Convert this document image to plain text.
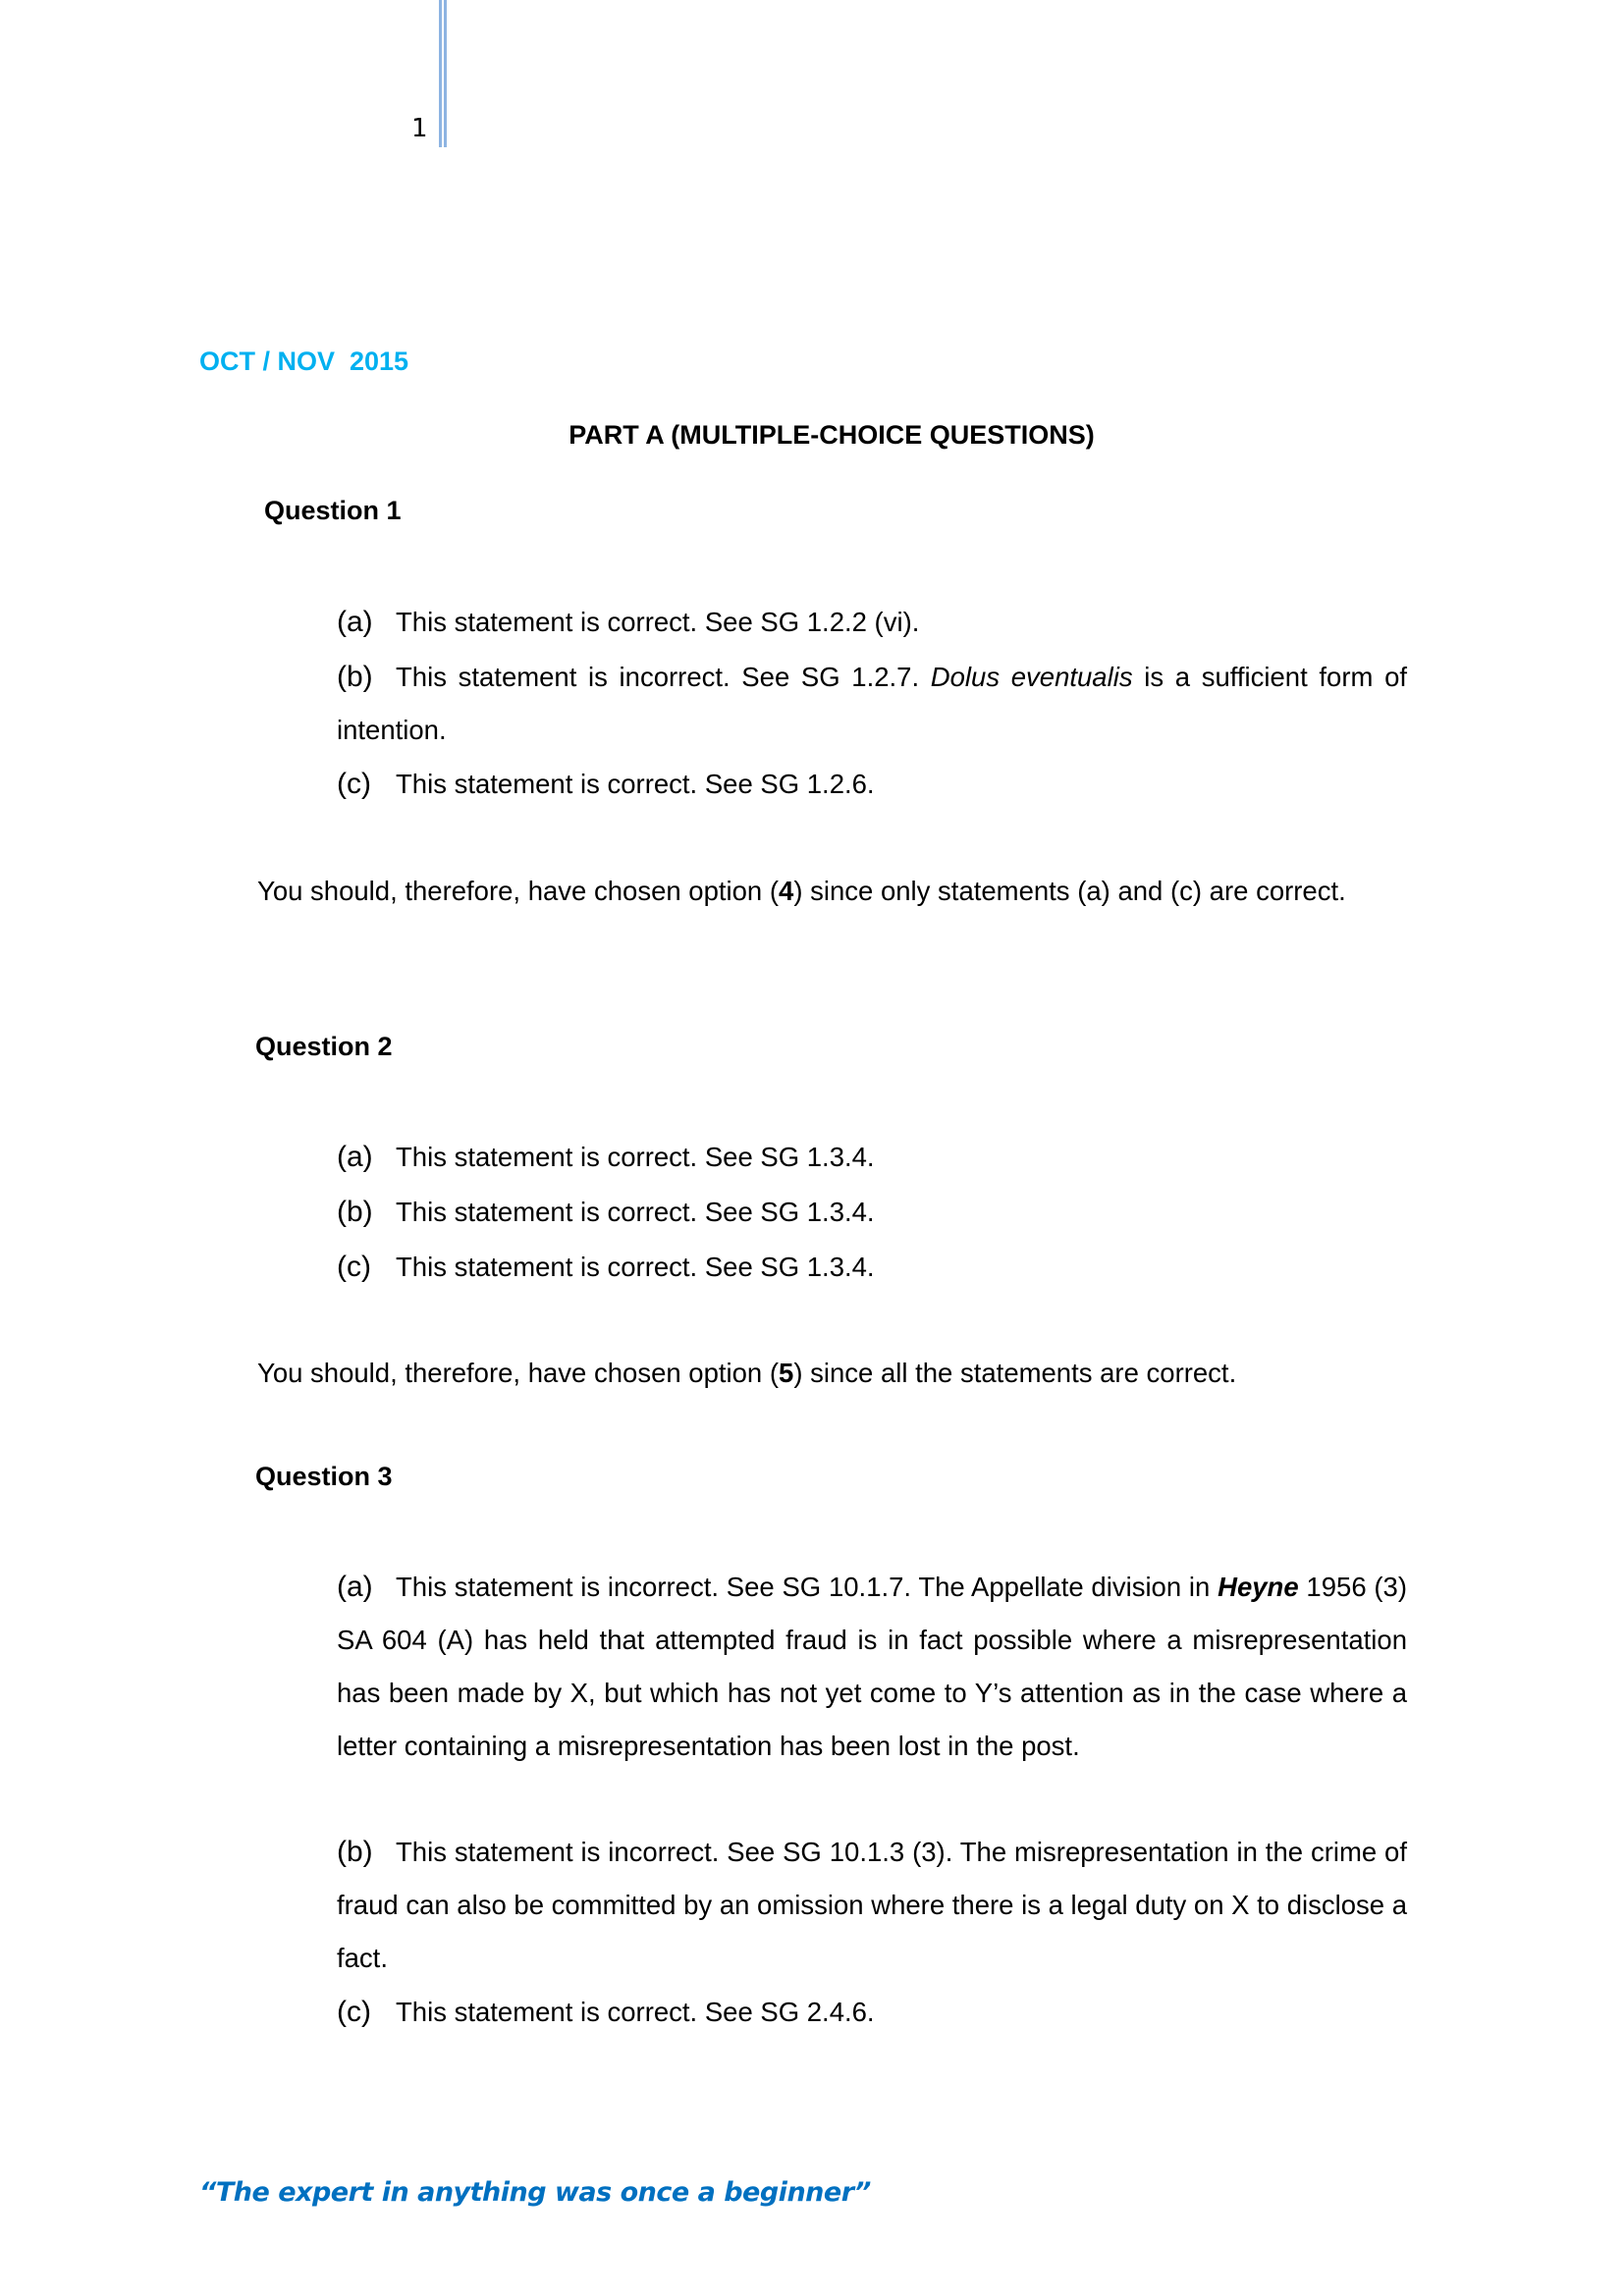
1
OCT / NOV  2015
PART A (MULTIPLE-CHOICE QUESTIONS)
Question 1
(a) This statement is correct. See SG 1.2.2 (vi).
(b) This statement is incorrect. See SG 1.2.7. Dolus eventualis is a sufficient form of intention.
(c) This statement is correct. See SG 1.2.6.
You should, therefore, have chosen option (4) since only statements (a) and (c) are correct.
Question 2
(a) This statement is correct. See SG 1.3.4.
(b) This statement is correct. See SG 1.3.4.
(c) This statement is correct. See SG 1.3.4.
You should, therefore, have chosen option (5) since all the statements are correct.
Question 3
(a) This statement is incorrect. See SG 10.1.7. The Appellate division in Heyne 1956 (3) SA 604 (A) has held that attempted fraud is in fact possible where a misrepresentation has been made by X, but which has not yet come to Y’s attention as in the case where a letter containing a misrepresentation has been lost in the post.
(b) This statement is incorrect. See SG 10.1.3 (3). The misrepresentation in the crime of fraud can also be committed by an omission where there is a legal duty on X to disclose a fact.
(c) This statement is correct. See SG 2.4.6.
“The expert in anything was once a beginner”
